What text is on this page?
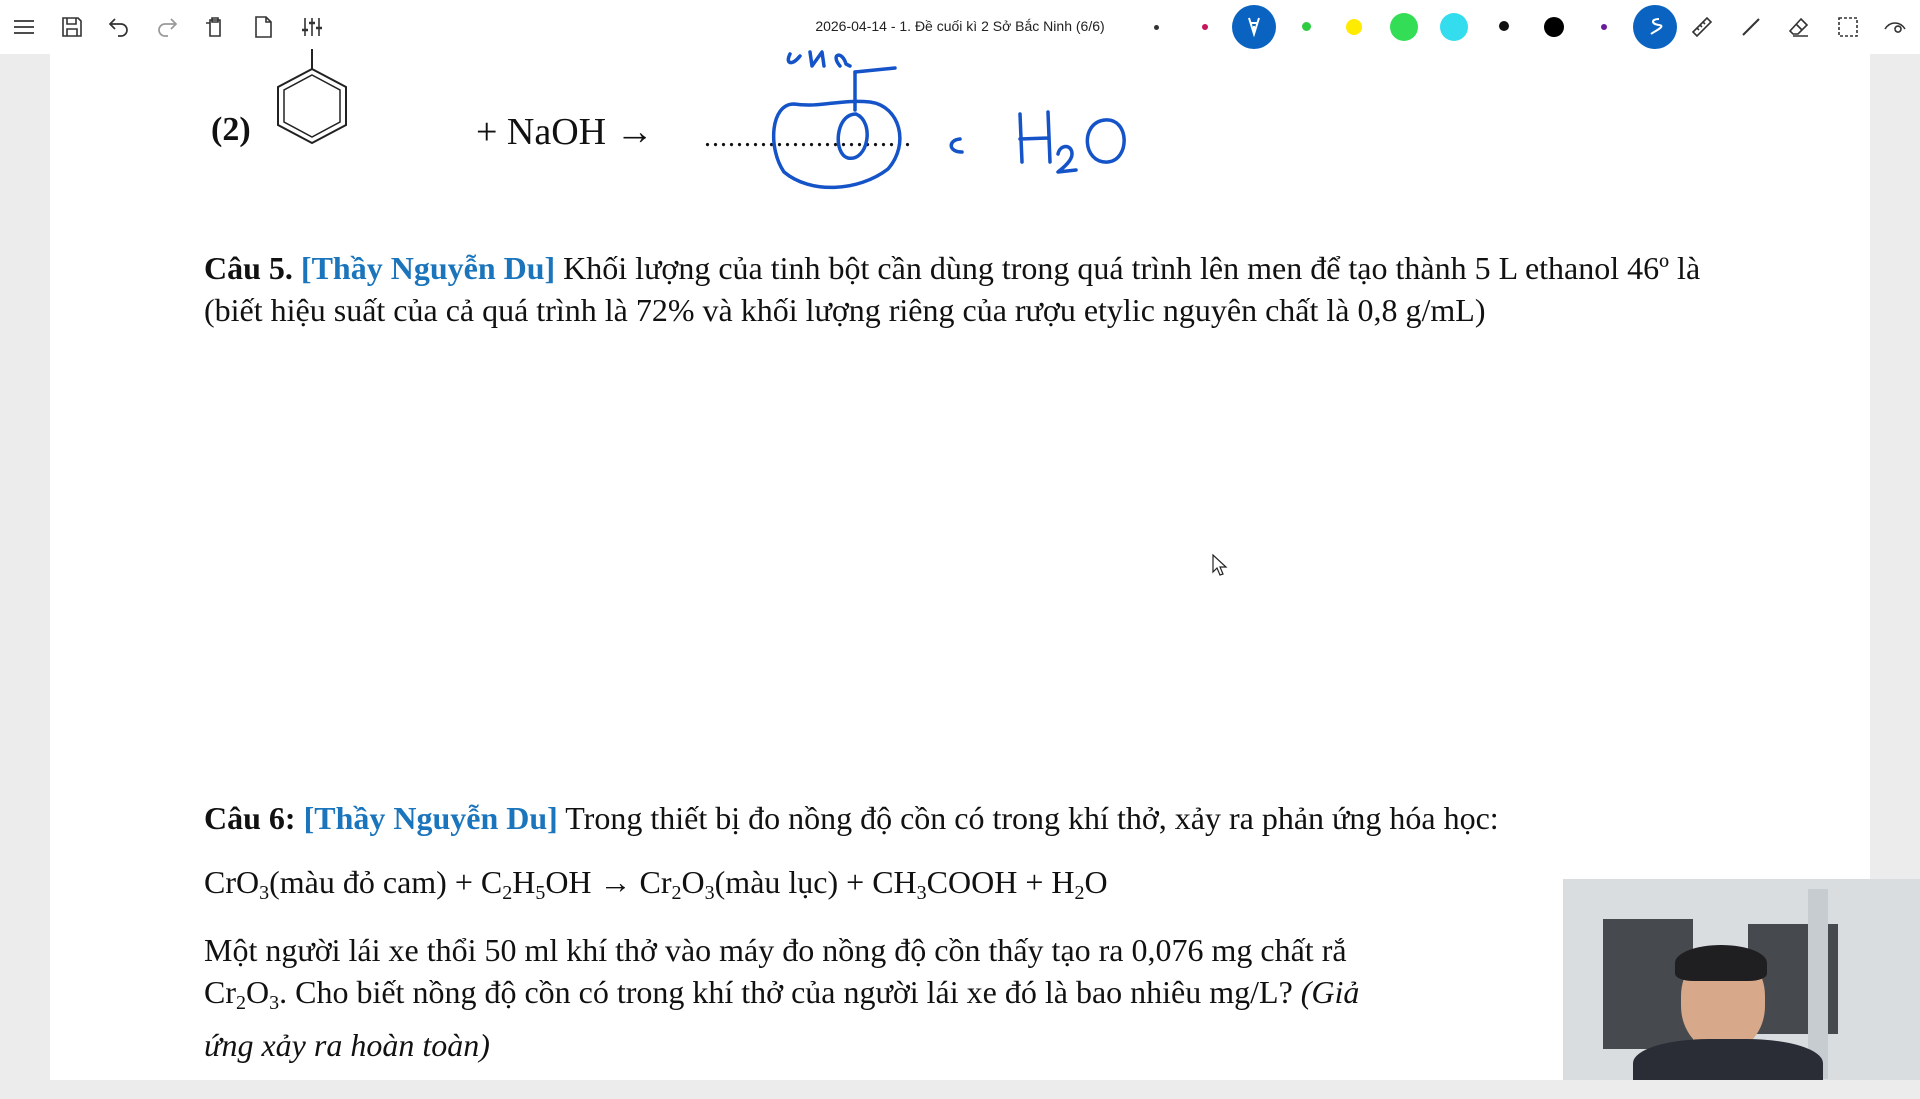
2026-04-14 - 1. Đề cuối kì 2 Sở Bắc Ninh (6/6)
(2)	+ NaOH → ..........................
Câu 5. [Thầy Nguyễn Du] Khối lượng của tinh bột cần dùng trong quá trình lên men để tạo thành 5 L ethanol 46º là (biết hiệu suất của cả quá trình là 72% và khối lượng riêng của rượu etylic nguyên chất là 0,8 g/mL)
Câu 6: [Thầy Nguyễn Du] Trong thiết bị đo nồng độ cồn có trong khí thở, xảy ra phản ứng hóa học:
CrO$_3$(màu đỏ $cam) + C_2H_5OH$ → $Cr_2O_3(màu$ lục) + $CH_3COOH + H_2O$
Một người lái xe thổi 50 ml khí thở vào máy đo nồng độ cồn thấy tạo ra 0,076 mg chất rắ
$Cr_2O_3$. Cho biết nồng độ cồn có trong khí thở của người lái xe đó là bao nhiêu mg/L? (Giả
ứng xảy ra hoàn toàn)
